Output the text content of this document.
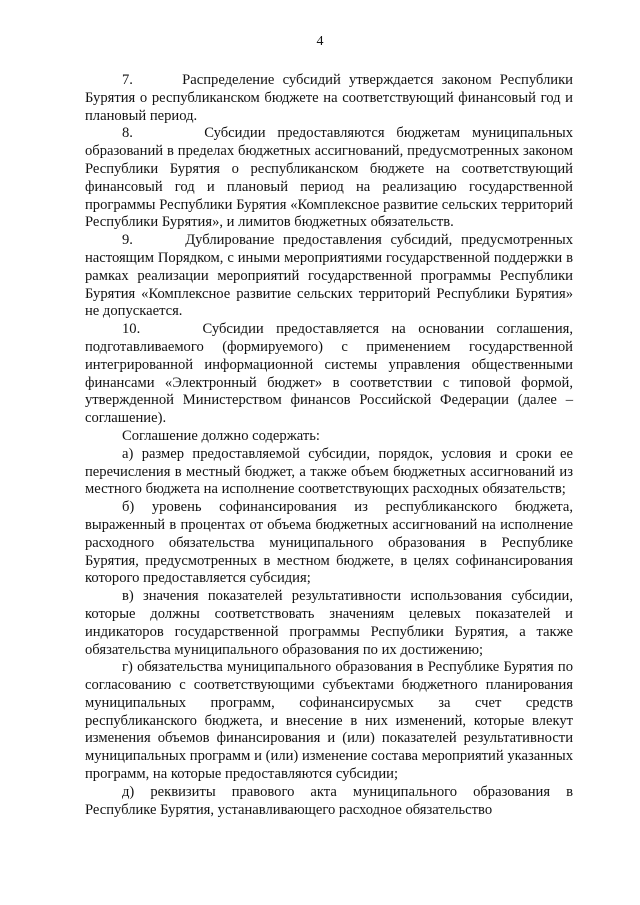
4

7.      Распределение субсидий утверждается законом Республики Бурятия о республиканском бюджете на соответствующий финансовый год и плановый период.

8.      Субсидии предоставляются бюджетам муниципальных образований в пределах бюджетных ассигнований, предусмотренных законом Республики Бурятия о республиканском бюджете на соответствующий финансовый год и плановый период на реализацию государственной программы Республики Бурятия «Комплексное развитие сельских территорий Республики Бурятия», и лимитов бюджетных обязательств.

9.      Дублирование предоставления субсидий, предусмотренных настоящим Порядком, с иными мероприятиями государственной поддержки в рамках реализации мероприятий государственной программы Республики Бурятия «Комплексное развитие сельских территорий Республики Бурятия» не допускается.

10.     Субсидии предоставляется на основании соглашения, подготавливаемого (формируемого) с применением государственной интегрированной информационной системы управления общественными финансами «Электронный бюджет» в соответствии с типовой формой, утвержденной Министерством финансов Российской Федерации (далее – соглашение).

Соглашение должно содержать:

а) размер предоставляемой субсидии, порядок, условия и сроки ее перечисления в местный бюджет, а также объем бюджетных ассигнований из местного бюджета на исполнение соответствующих расходных обязательств;

б) уровень софинансирования из республиканского бюджета, выраженный в процентах от объема бюджетных ассигнований на исполнение расходного обязательства муниципального образования в Республике Бурятия, предусмотренных в местном бюджете, в целях софинансирования которого предоставляется субсидия;

в) значения показателей результативности использования субсидии, которые должны соответствовать значениям целевых показателей и индикаторов государственной программы Республики Бурятия, а также обязательства муниципального образования по их достижению;

г) обязательства муниципального образования в Республике Бурятия по согласованию с соответствующими субъектами бюджетного планирования муниципальных программ, софинансирусмых за счет средств республиканского бюджета, и внесение в них изменений, которые влекут изменения объемов финансирования и (или) показателей результативности муниципальных программ и (или) изменение состава мероприятий указанных программ, на которые предоставляются субсидии;

д) реквизиты правового акта муниципального образования в Республике Бурятия, устанавливающего расходное обязательство
